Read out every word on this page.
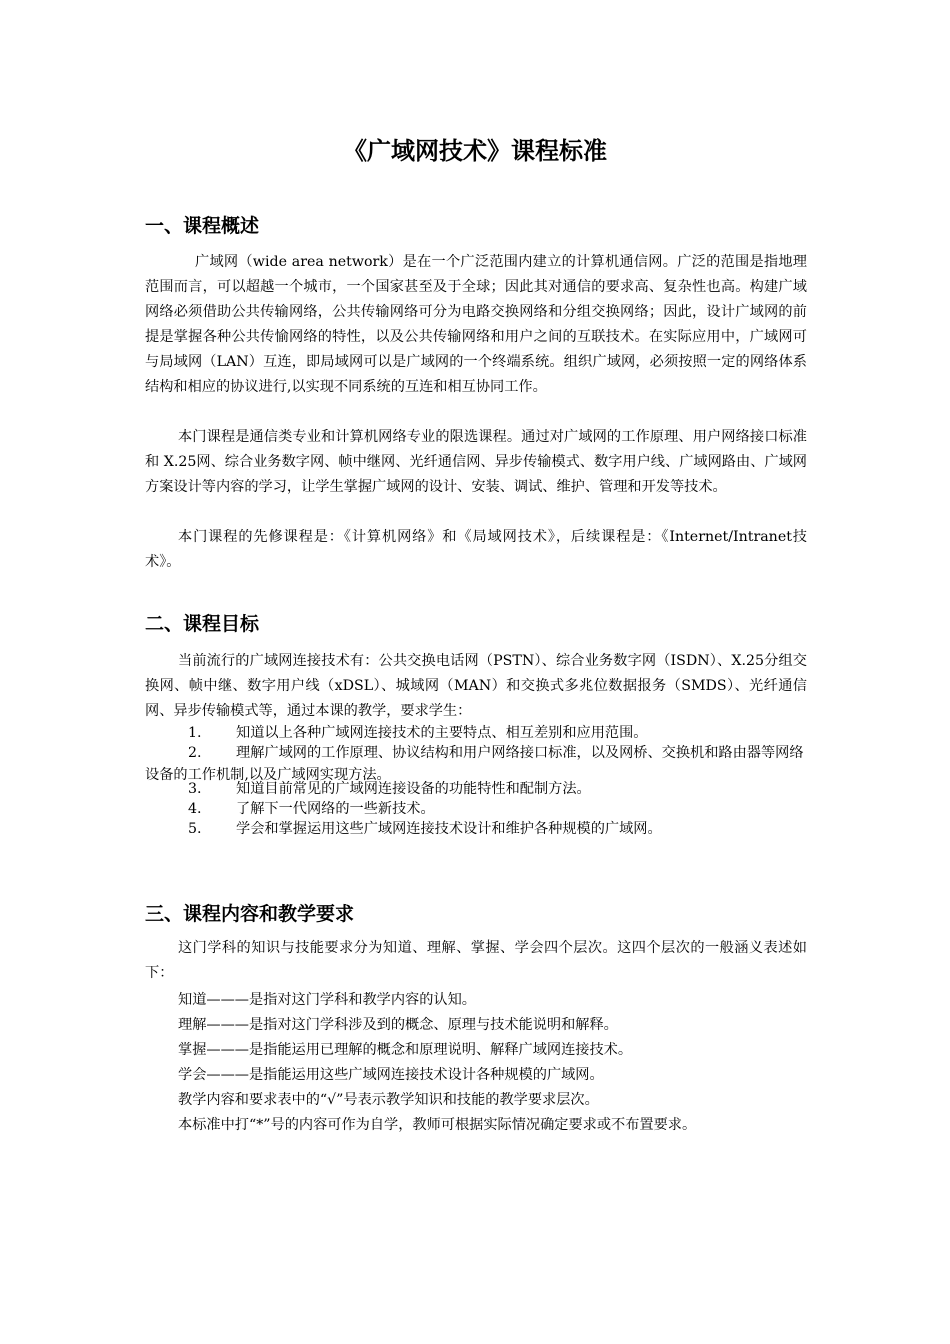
《广域网技术》课程标准
一、课程概述
广域网（wide area network）是在一个广泛范围内建立的计算机通信网。广泛的范围是指地理范围而言，可以超越一个城市，一个国家甚至及于全球；因此其对通信的要求高、复杂性也高。构建广域网络必须借助公共传输网络，公共传输网络可分为电路交换网络和分组交换网络；因此，设计广域网的前提是掌握各种公共传愉网络的特性，以及公共传输网络和用户之间的互联技术。在实际应用中，广域网可与局域网（LAN）互连，即局域网可以是广域网的一个终端系统。组织广域网，必须按照一定的网络体系结构和相应的协议进行,以实现不同系统的互连和相互协同工作。
本门课程是通信类专业和计算机网络专业的限选课程。通过对广域网的工作原理、用户网络接口标准和 X.25网、综合业务数字网、帧中继网、光纤通信网、异步传输模式、数字用户线、广域网路由、广域网方案设计等内容的学习，让学生掌握广域网的设计、安装、调试、维护、管理和开发等技术。
本门课程的先修课程是：《计算机网络》和《局域网技术》，后续课程是：《Internet/Intranet技术》。
二、课程目标
当前流行的广域网连接技术有：公共交换电话网（PSTN）、综合业务数字网（ISDN）、X.25分组交换网、帧中继、数字用户线（xDSL）、城域网（MAN）和交换式多兆位数据报务（SMDS）、光纤通信网、异步传输模式等，通过本课的教学，要求学生：
1. 知道以上各种广域网连接技术的主要特点、相互差别和应用范围。
2. 理解广域网的工作原理、协议结构和用户网络接口标准，以及网桥、交换机和路由器等网络设备的工作机制,以及广域网实现方法。
3. 知道目前常见的广域网连接设备的功能特性和配制方法。
4. 了解下一代网络的一些新技术。
5. 学会和掌握运用这些广域网连接技术设计和维护各种规模的广域网。
三、课程内容和教学要求
这门学科的知识与技能要求分为知道、理解、掌握、学会四个层次。这四个层次的一般涵义表述如下：
知道———是指对这门学科和教学内容的认知。
理解———是指对这门学科涉及到的概念、原理与技术能说明和解释。
掌握———是指能运用已理解的概念和原理说明、解释广域网连接技术。
学会———是指能运用这些广域网连接技术设计各种规模的广域网。
教学内容和要求表中的“√”号表示教学知识和技能的教学要求层次。
本标准中打“*”号的内容可作为自学，教师可根据实际情况确定要求或不布置要求。
